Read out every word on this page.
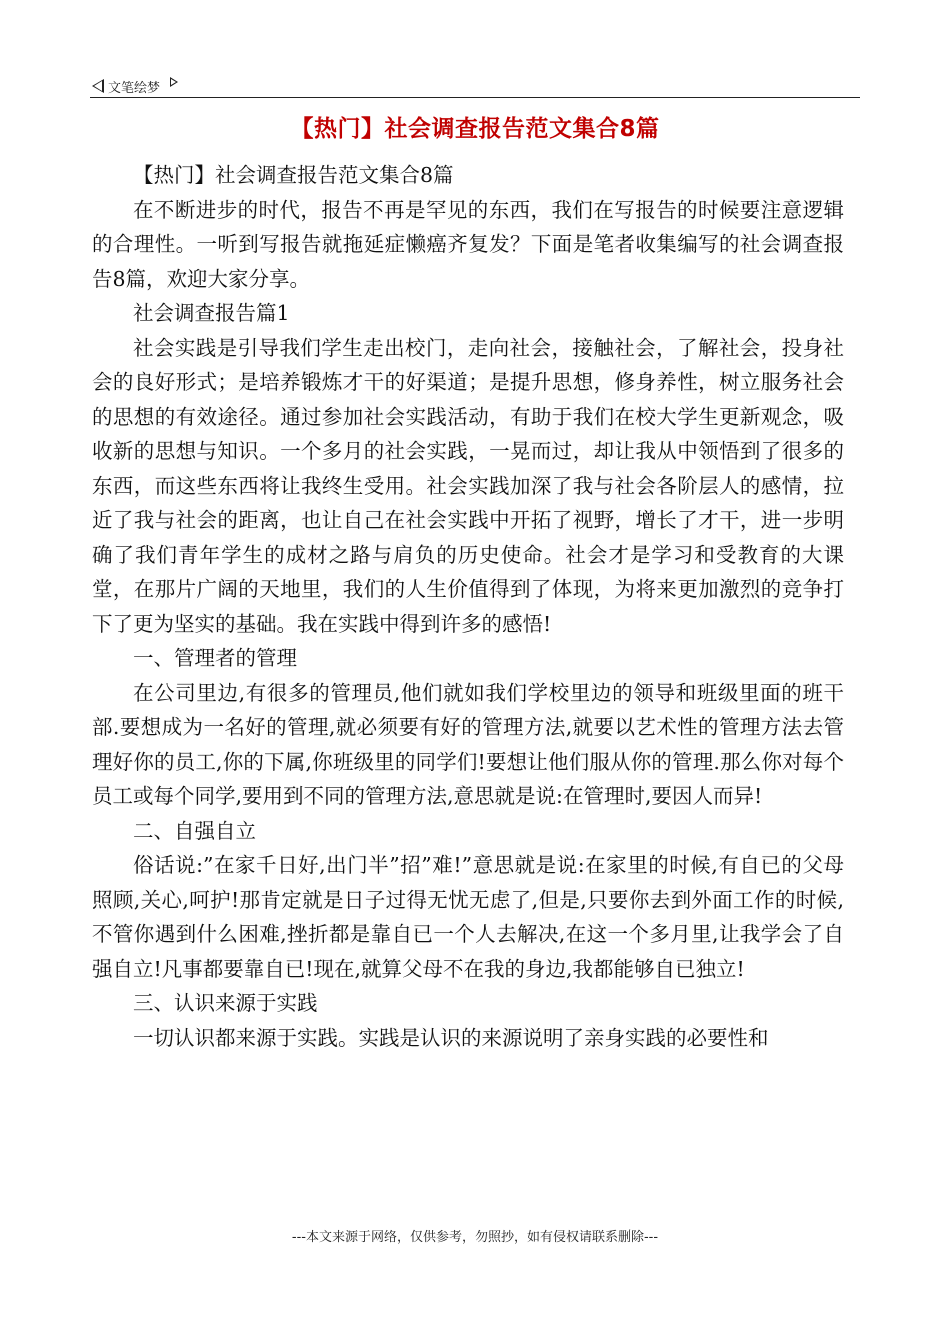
文笔绘梦
【热门】社会调查报告范文集合8篇

【热门】社会调查报告范文集合8篇

在不断进步的时代，报告不再是罕见的东西，我们在写报告的时候要注意逻辑的合理性。一听到写报告就拖延症懒癌齐复发？下面是笔者收集编写的社会调查报告8篇，欢迎大家分享。

社会调查报告篇1

社会实践是引导我们学生走出校门，走向社会，接触社会，了解社会，投身社会的良好形式；是培养锻炼才干的好渠道；是提升思想，修身养性，树立服务社会的思想的有效途径。通过参加社会实践活动，有助于我们在校大学生更新观念，吸收新的思想与知识。一个多月的社会实践，一晃而过，却让我从中领悟到了很多的东西，而这些东西将让我终生受用。社会实践加深了我与社会各阶层人的感情，拉近了我与社会的距离，也让自己在社会实践中开拓了视野，增长了才干，进一步明确了我们青年学生的成材之路与肩负的历史使命。社会才是学习和受教育的大课堂，在那片广阔的天地里，我们的人生价值得到了体现，为将来更加激烈的竞争打下了更为坚实的基础。我在实践中得到许多的感悟!

一、管理者的管理

在公司里边,有很多的管理员,他们就如我们学校里边的领导和班级里面的班干部.要想成为一名好的管理,就必须要有好的管理方法,就要以艺术性的管理方法去管理好你的员工,你的下属,你班级里的同学们!要想让他们服从你的管理.那么你对每个员工或每个同学,要用到不同的管理方法,意思就是说:在管理时,要因人而异!

二、自强自立

俗话说:”在家千日好,出门半”招”难!”意思就是说:在家里的时候,有自已的父母照顾,关心,呵护!那肯定就是日子过得无忧无虑了,但是,只要你去到外面工作的时候,不管你遇到什么困难,挫折都是靠自已一个人去解决,在这一个多月里,让我学会了自强自立!凡事都要靠自已!现在,就算父母不在我的身边,我都能够自已独立!

三、认识来源于实践

一切认识都来源于实践。实践是认识的来源说明了亲身实践的必要性和

---本文来源于网络，仅供参考，勿照抄，如有侵权请联系删除---
